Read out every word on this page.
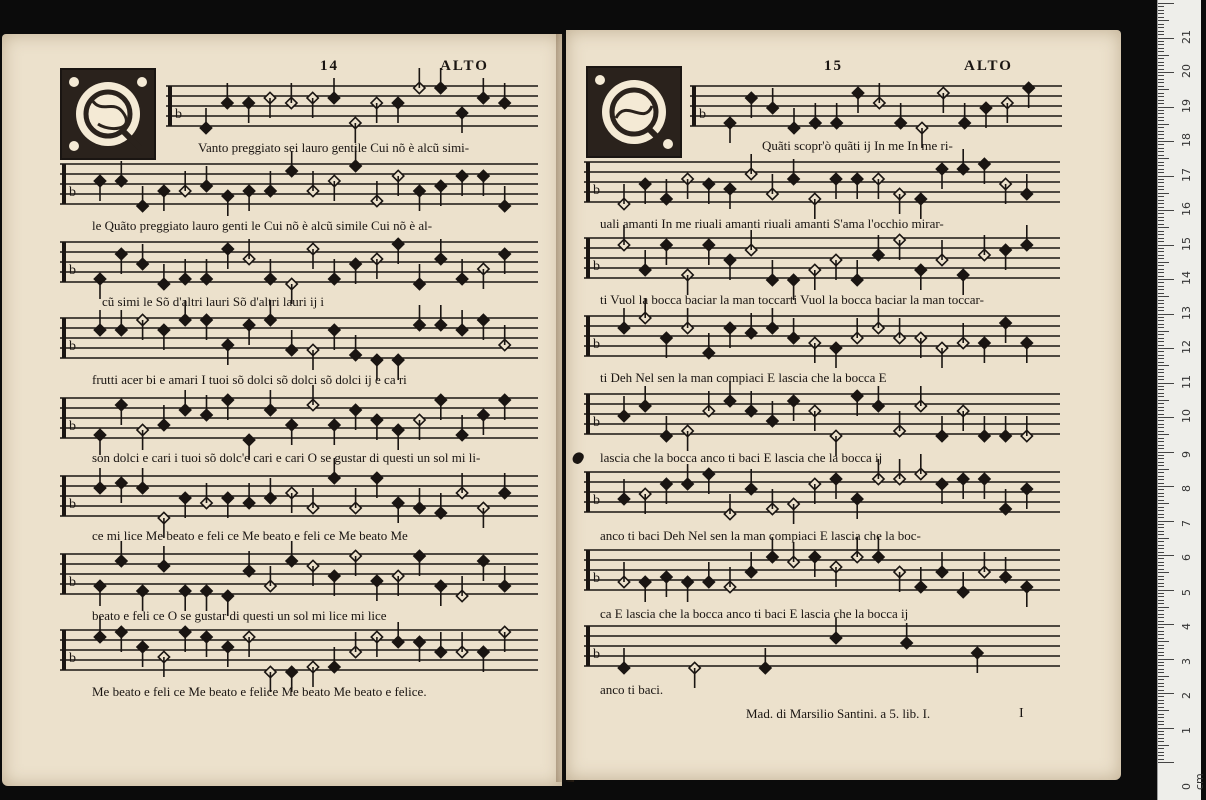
14	ALTO	15	ALTO
Mad. di Marsilio Santini. a 5. lib. I.	I
b
Vanto preggiato sei lauro gentile Cui nõ è alcũ simi-
b
le Quãto preggiato lauro genti le Cui nõ è alcũ simile Cui nõ è al-
b
cũ simi le Sõ d'altri lauri Sõ d'altri lauri ij i
b
frutti acer bi e amari I tuoi sõ dolci sõ dolci sõ dolci ij e ca ri
b
son dolci e cari i tuoi sõ dolc'e cari e cari O se gustar di questi un sol mi li-
b
ce mi lice Me beato e feli ce Me beato e feli ce Me beato Me
b
beato e feli ce O se gustar di questi un sol mi lice mi lice
b
Me beato e feli ce Me beato e felice Me beato Me beato e felice.
b
Quãti scopr'ò quãti ij In me In me ri-
b
uali amanti In me riuali amanti riuali amanti S'ama l'occhio mirar-
b
ti Vuol la bocca baciar la man toccarti Vuol la bocca baciar la man toccar-
b
ti Deh Nel sen la man compiaci E lascia che la bocca E
b
lascia che la bocca anco ti baci E lascia che la bocca ij
b
anco ti baci Deh Nel sen la man compiaci E lascia che la boc-
b
ca E lascia che la bocca anco ti baci E lascia che la bocca ij
b
anco ti baci.
0 cm
1
2
3
4
5
6
7
8
9
10
11
12
13
14
15
16
17
18
19
20
21
